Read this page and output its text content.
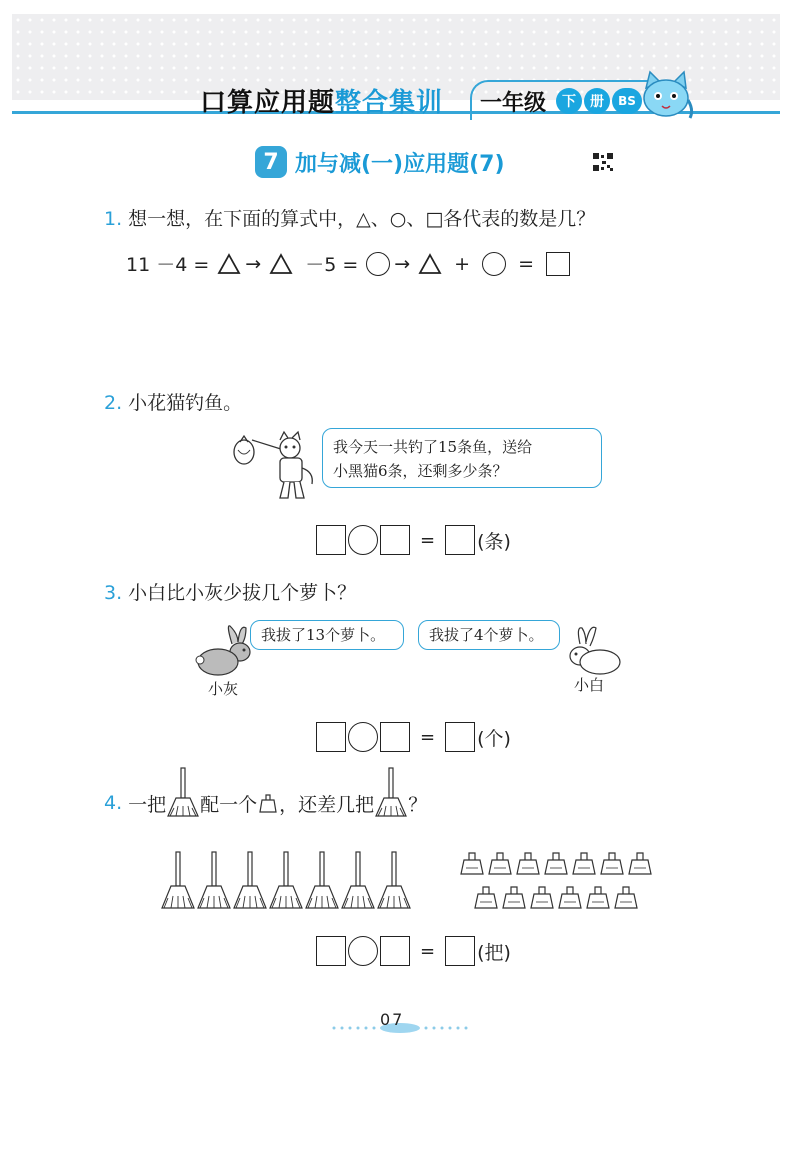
口算应用题整合集训 一年级	下	册	BS
7 加与减(一)应用题(7)
1. 想一想，在下面的算式中，△、○、□各代表的数是几？
11 －4 = → －5 = → +	=
2. 小花猫钓鱼。
我今天一共钓了15条鱼，送给
小黑猫6条，还剩多少条？
= (条)
3. 小白比小灰少拔几个萝卜？
小灰
我拔了13个萝卜。	我拔了4个萝卜。
小白
= (个)
4. 一把 配一个 ，还差几把 ？
= (把)
07
